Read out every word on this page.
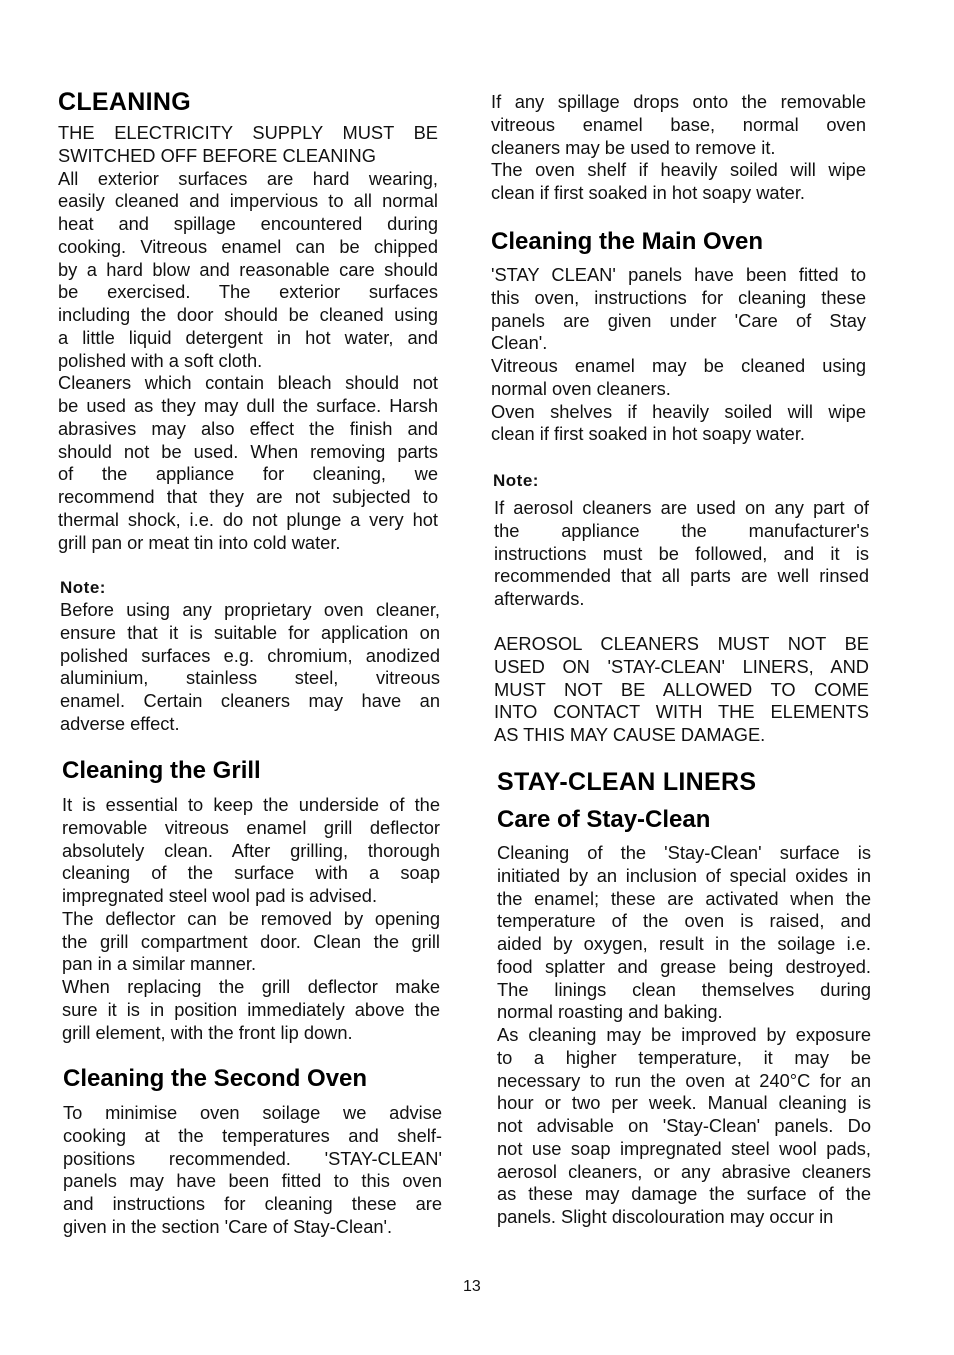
CLEANING
THE ELECTRICITY SUPPLY MUST BE
SWITCHED OFF BEFORE CLEANING
All exterior surfaces are hard wearing,
easily cleaned and impervious to all normal
heat and spillage encountered during
cooking. Vitreous enamel can be chipped
by a hard blow and reasonable care should
be exercised. The exterior surfaces
including the door should be cleaned using
a little liquid detergent in hot water, and
polished with a soft cloth.
Cleaners which contain bleach should not
be used as they may dull the surface. Harsh
abrasives may also effect the finish and
should not be used. When removing parts
of the appliance for cleaning, we
recommend that they are not subjected to
thermal shock, i.e. do not plunge a very hot
grill pan or meat tin into cold water.
Note:
Before using any proprietary oven cleaner,
ensure that it is suitable for application on
polished surfaces e.g. chromium, anodized
aluminium, stainless steel, vitreous
enamel. Certain cleaners may have an
adverse effect.
Cleaning the Grill
It is essential to keep the underside of the
removable vitreous enamel grill deflector
absolutely clean. After grilling, thorough
cleaning of the surface with a soap
impregnated steel wool pad is advised.
The deflector can be removed by opening
the grill compartment door. Clean the grill
pan in a similar manner.
When replacing the grill deflector make
sure it is in position immediately above the
grill element, with the front lip down.
Cleaning the Second Oven
To minimise oven soilage we advise
cooking at the temperatures and shelf-
positions recommended. 'STAY-CLEAN'
panels may have been fitted to this oven
and instructions for cleaning these are
given in the section 'Care of Stay-Clean'.
If any spillage drops onto the removable
vitreous enamel base, normal oven
cleaners may be used to remove it.
The oven shelf if heavily soiled will wipe
clean if first soaked in hot soapy water.
Cleaning the Main Oven
'STAY CLEAN' panels have been fitted to
this oven, instructions for cleaning these
panels are given under 'Care of Stay
Clean'.
Vitreous enamel may be cleaned using
normal oven cleaners.
Oven shelves if heavily soiled will wipe
clean if first soaked in hot soapy water.
Note:
If aerosol cleaners are used on any part of
the appliance the manufacturer's
instructions must be followed, and it is
recommended that all parts are well rinsed
afterwards.
AEROSOL CLEANERS MUST NOT BE
USED ON 'STAY-CLEAN' LINERS, AND
MUST NOT BE ALLOWED TO COME
INTO CONTACT WITH THE ELEMENTS
AS THIS MAY CAUSE DAMAGE.
STAY-CLEAN LINERS
Care of Stay-Clean
Cleaning of the 'Stay-Clean' surface is
initiated by an inclusion of special oxides in
the enamel; these are activated when the
temperature of the oven is raised, and
aided by oxygen, result in the soilage i.e.
food splatter and grease being destroyed.
The linings clean themselves during
normal roasting and baking.
As cleaning may be improved by exposure
to a higher temperature, it may be
necessary to run the oven at 240°C for an
hour or two per week. Manual cleaning is
not advisable on 'Stay-Clean' panels. Do
not use soap impregnated steel wool pads,
aerosol cleaners, or any abrasive cleaners
as these may damage the surface of the
panels. Slight discolouration may occur in
13
